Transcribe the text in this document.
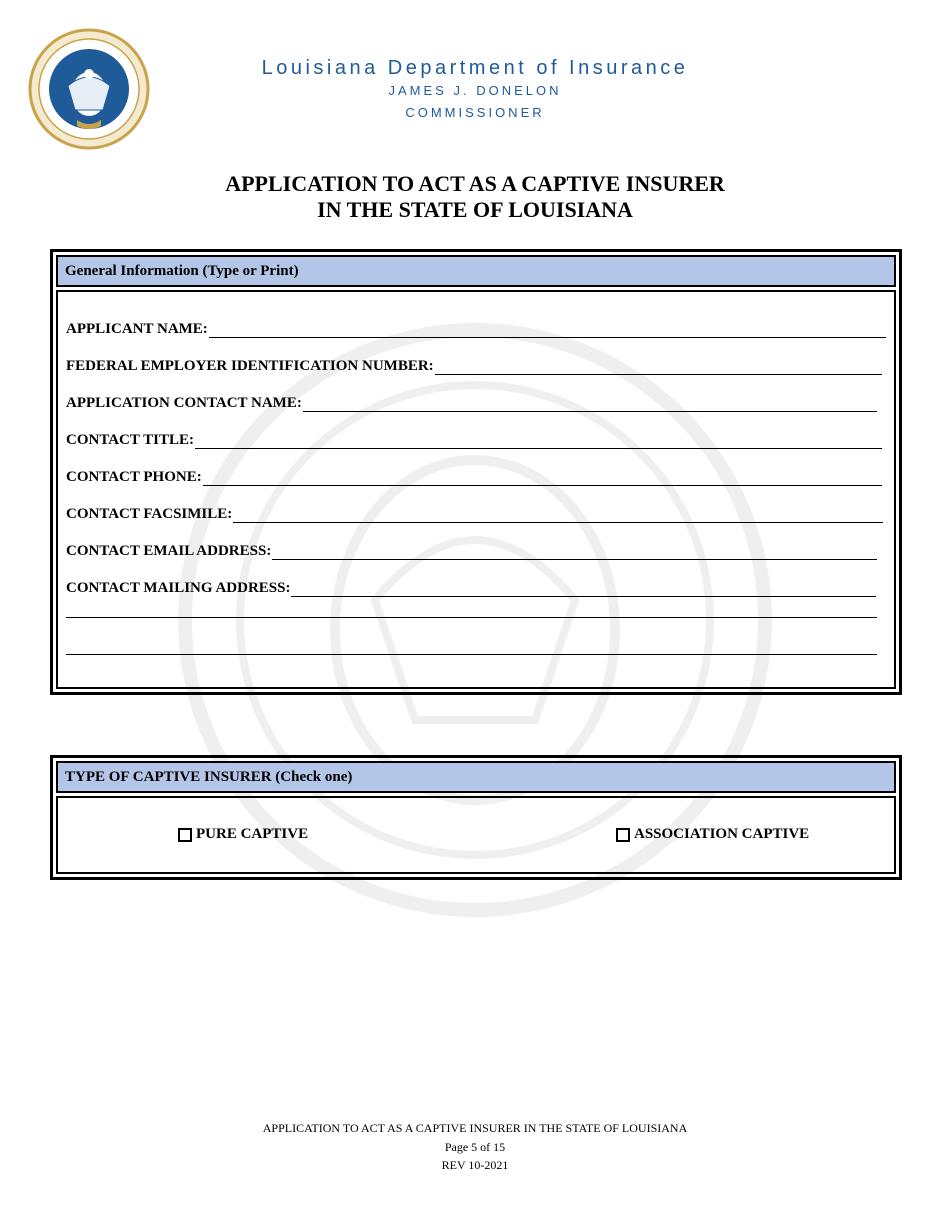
Louisiana Department of Insurance
JAMES J. DONELON
COMMISSIONER
APPLICATION TO ACT AS A CAPTIVE INSURER
IN THE STATE OF LOUISIANA
General Information (Type or Print)
APPLICANT NAME:
FEDERAL EMPLOYER IDENTIFICATION NUMBER:
APPLICATION CONTACT NAME:
CONTACT TITLE:
CONTACT PHONE:
CONTACT FACSIMILE:
CONTACT EMAIL ADDRESS:
CONTACT MAILING ADDRESS:
TYPE OF CAPTIVE INSURER (Check one)
PURE CAPTIVE	ASSOCIATION CAPTIVE
APPLICATION TO ACT AS A CAPTIVE INSURER IN THE STATE OF LOUISIANA
Page 5 of 15
REV 10-2021
